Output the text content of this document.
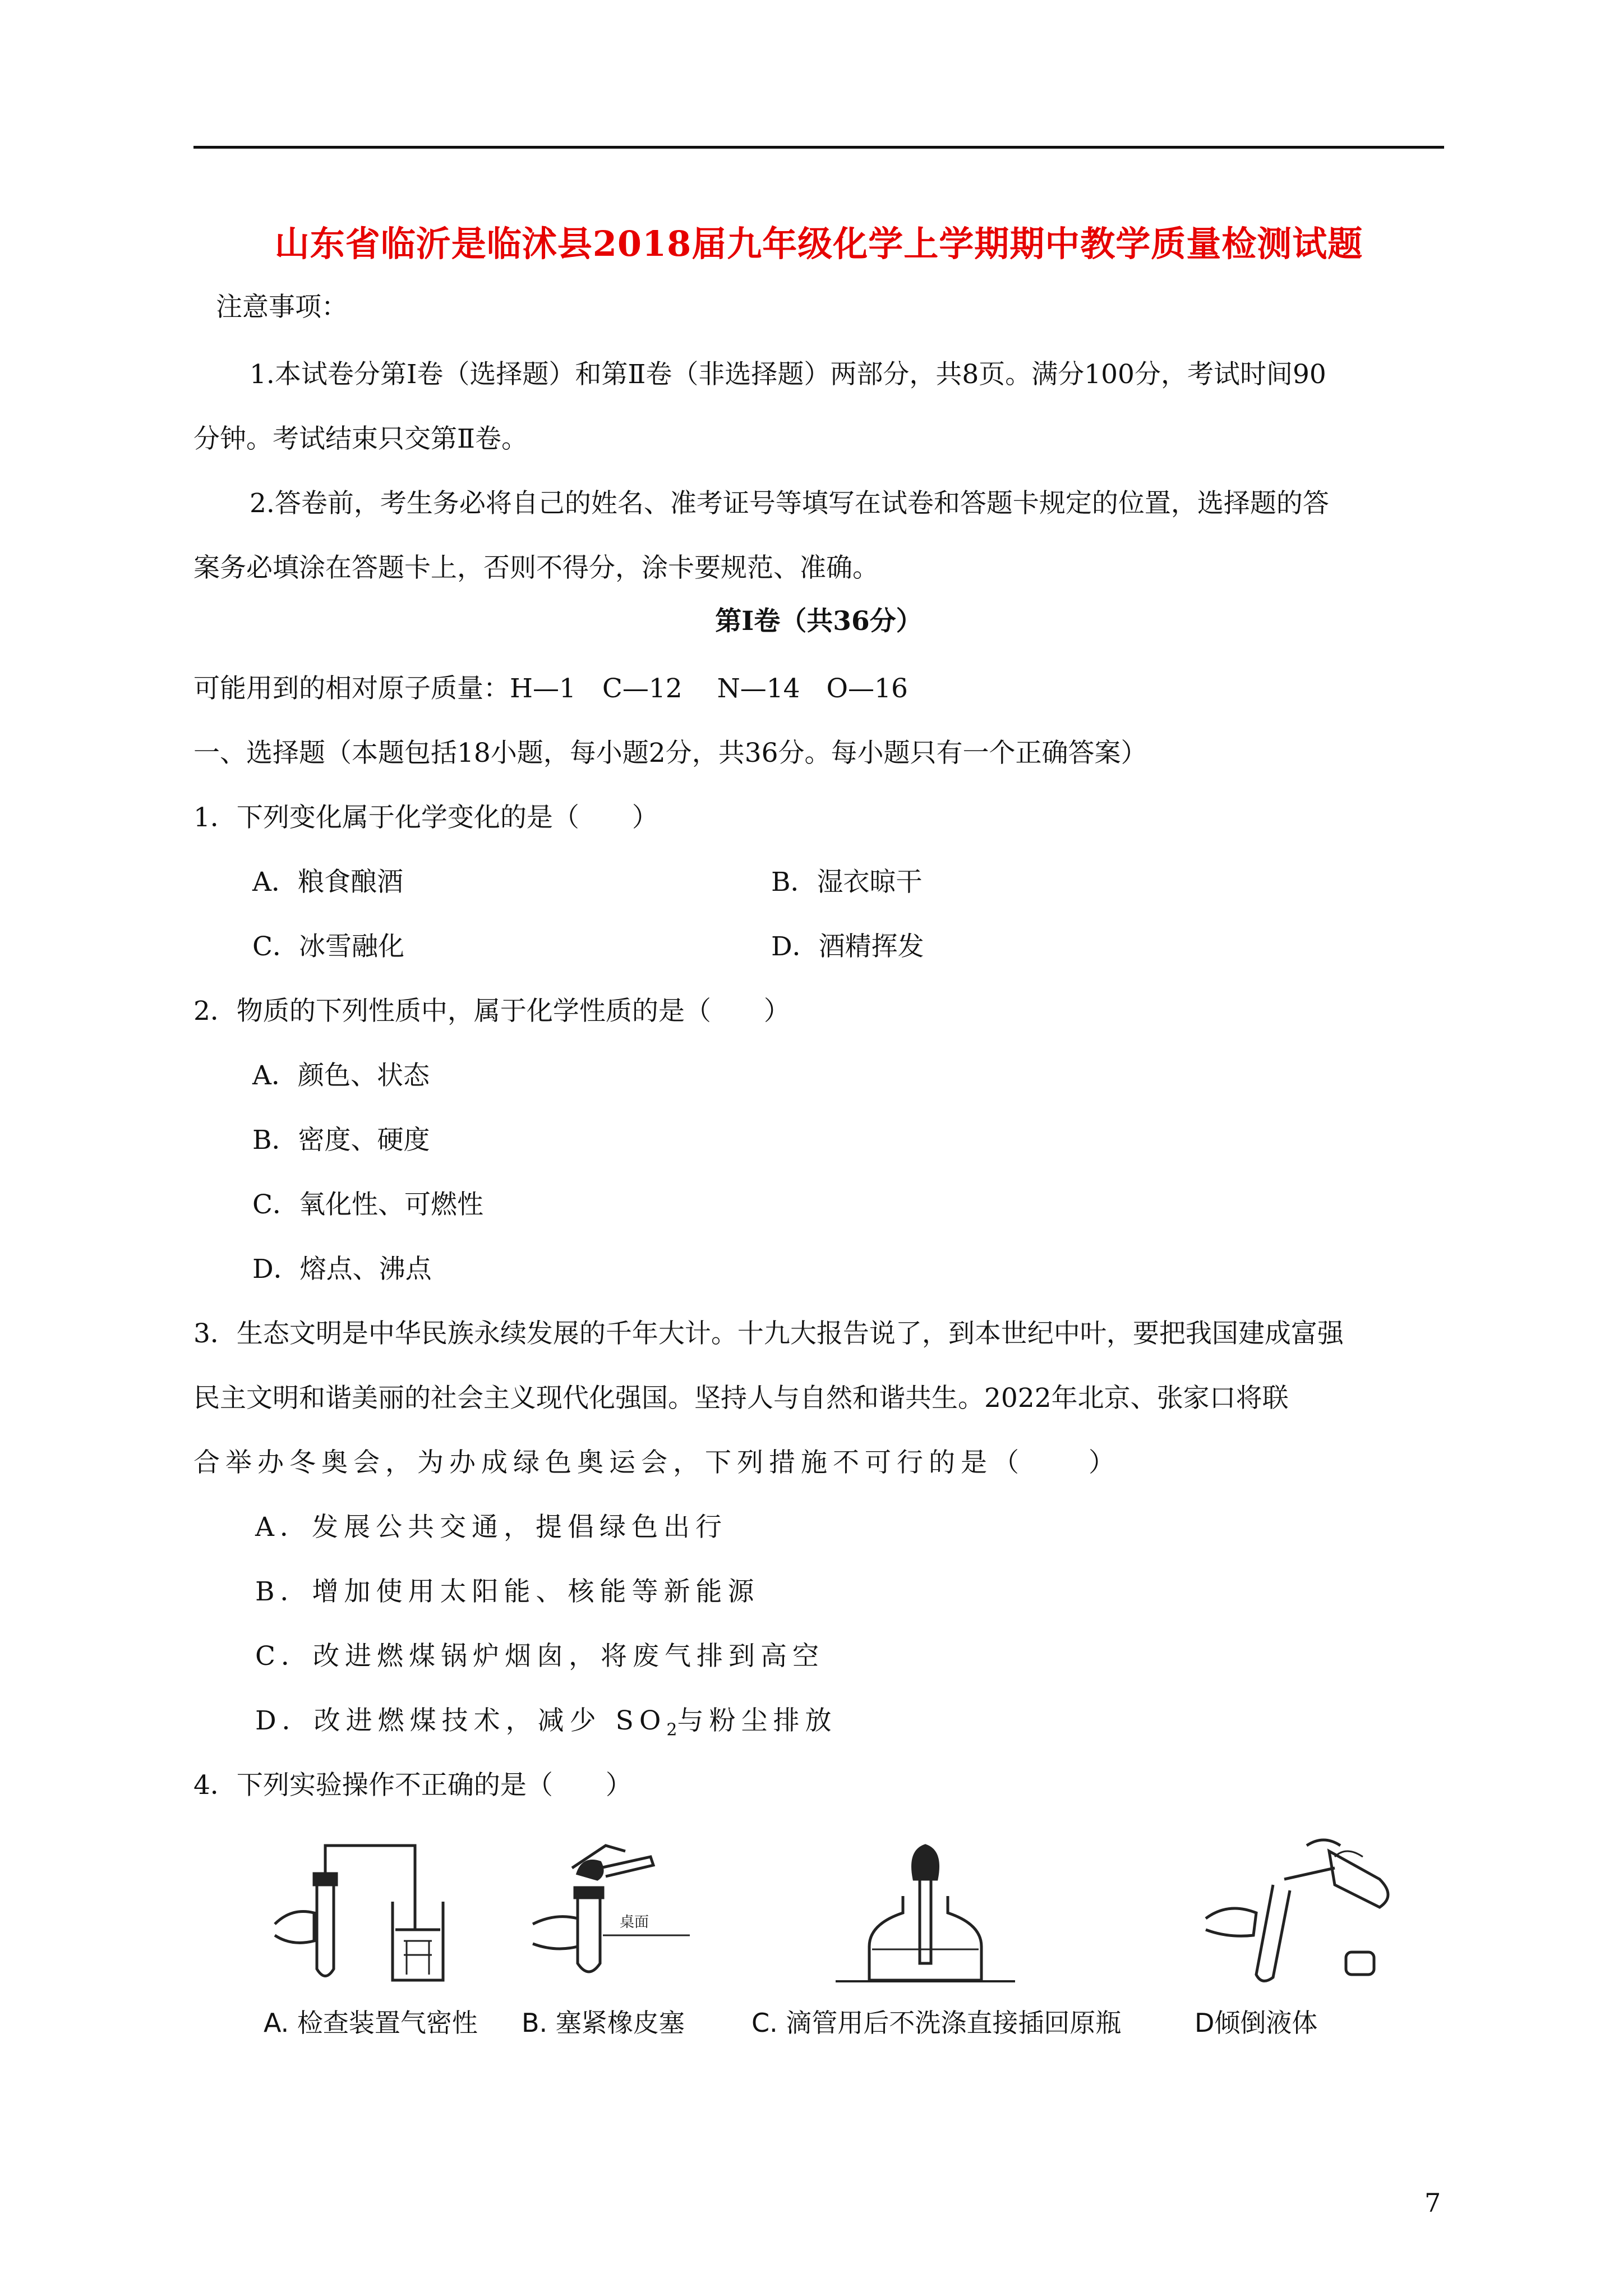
山东省临沂是临沭县2018届九年级化学上学期期中教学质量检测试题
注意事项：
1.本试卷分第Ⅰ卷（选择题）和第Ⅱ卷（非选择题）两部分，共8页。满分100分，考试时间90
分钟。考试结束只交第Ⅱ卷。
2.答卷前，考生务必将自己的姓名、准考证号等填写在试卷和答题卡规定的位置，选择题的答
案务必填涂在答题卡上，否则不得分，涂卡要规范、准确。
第Ⅰ卷（共36分）
可能用到的相对原子质量：H—1　C—12　 N—14　O—16
一、选择题（本题包括18小题，每小题2分，共36分。每小题只有一个正确答案）
1．下列变化属于化学变化的是（　　）
A．粮食酿酒	B．湿衣晾干
C．冰雪融化	D．酒精挥发
2．物质的下列性质中，属于化学性质的是（　　）
A．颜色、状态
B．密度、硬度
C．氧化性、可燃性
D．熔点、沸点
3．生态文明是中华民族永续发展的千年大计。十九大报告说了，到本世纪中叶，要把我国建成富强
民主文明和谐美丽的社会主义现代化强国。坚持人与自然和谐共生。2022年北京、张家口将联
合举办冬奥会，为办成绿色奥运会，下列措施不可行的是（　　）
A．发展公共交通，提倡绿色出行
B．增加使用太阳能、核能等新能源
C．改进燃煤锅炉烟囱，将废气排到高空
D．改进燃煤技术，减少 $SO_2$与粉尘排放
4．下列实验操作不正确的是（　　）
A. 检查装置气密性
桌面
B. 塞紧橡皮塞	C. 滴管用后不洗涤直接插回原瓶	D倾倒液体
7
